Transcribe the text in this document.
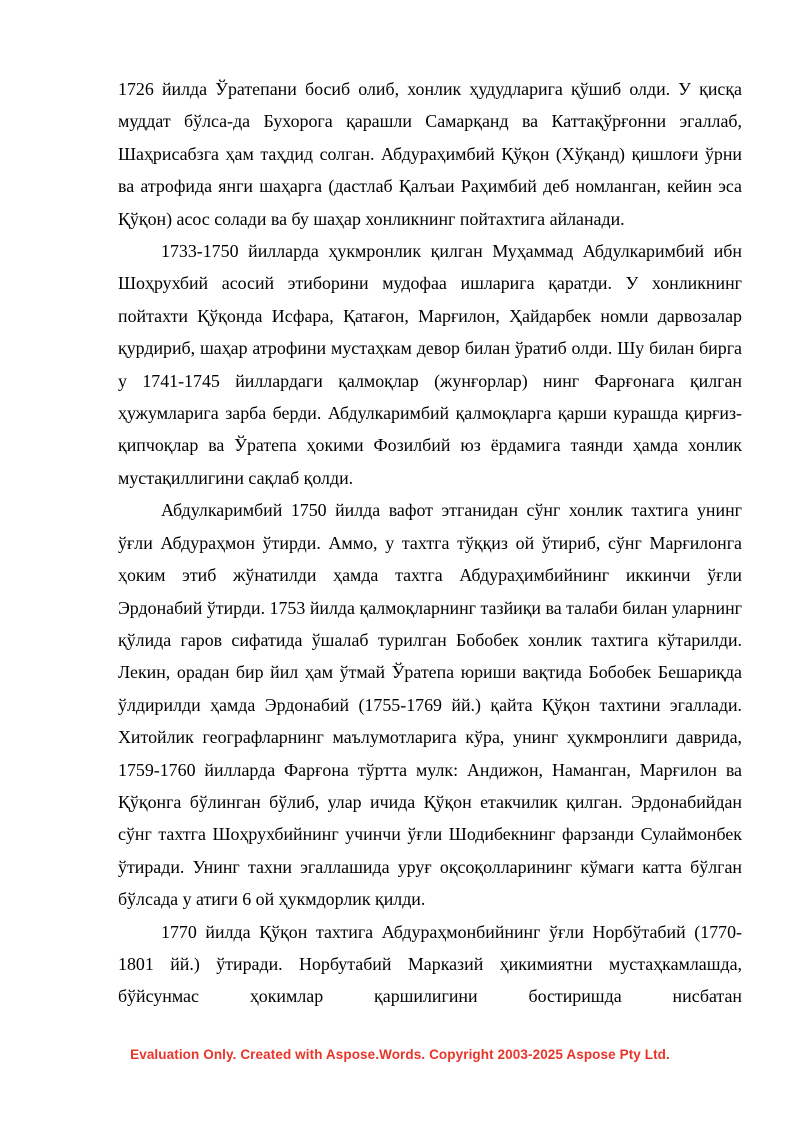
1726 йилда Ўратепани босиб олиб, хонлик ҳудудларига қўшиб олди. У қисқа муддат бўлса-да Бухорога қарашли Самарқанд ва Каттақўрғонни эгаллаб, Шаҳрисабзга ҳам таҳдид солган. Абдураҳимбий Қўқон (Хўқанд) қишлоғи ўрни ва атрофида янги шаҳарга (дастлаб Қалъаи Раҳимбий деб номланган, кейин эса Қўқон) асос солади ва бу шаҳар хонликнинг пойтахтига айланади.

1733-1750 йилларда ҳукмронлик қилган Муҳаммад Абдулкаримбий ибн Шоҳрухбий асосий этиборини мудофаа ишларига қаратди. У хонликнинг пойтахти Қўқонда Исфара, Қатағон, Марғилон, Ҳайдарбек номли дарвозалар қурдириб, шаҳар атрофини мустаҳкам девор билан ўратиб олди. Шу билан бирга у 1741-1745 йиллардаги қалмоқлар (жунғорлар) нинг Фарғонага қилган ҳужумларига зарба берди. Абдулкаримбий қалмоқларга қарши курашда қирғиз-қипчоқлар ва Ўратепа ҳокими Фозилбий юз ёрдамига таянди ҳамда хонлик мустақиллигини сақлаб қолди.

Абдулкаримбий 1750 йилда вафот этганидан сўнг хонлик тахтига унинг ўғли Абдураҳмон ўтирди. Аммо, у тахтга тўққиз ой ўтириб, сўнг Марғилонга ҳоким этиб жўнатилди ҳамда тахтга Абдураҳимбийнинг иккинчи ўғли Эрдонабий ўтирди. 1753 йилда қалмоқларнинг тазйиқи ва талаби билан уларнинг қўлида гаров сифатида ўшалаб турилган Бобобек хонлик тахтига кўтарилди. Лекин, орадан бир йил ҳам ўтмай Ўратепа юриши вақтида Бобобек Бешариқда ўлдирилди ҳамда Эрдонабий (1755-1769 йй.) қайта Қўқон тахтини эгаллади. Хитойлик географларнинг маълумотларига кўра, унинг ҳукмронлиги даврида, 1759-1760 йилларда Фарғона тўртта мулк: Андижон, Наманган, Марғилон ва Қўқонга бўлинган бўлиб, улар ичида Қўқон етакчилик қилган. Эрдонабийдан сўнг тахтга Шоҳрухбийнинг учинчи ўғли Шодибекнинг фарзанди Сулаймонбек ўтиради. Унинг тахни эгаллашида уруғ оқсоқолларининг кўмаги катта бўлган бўлсада у атиги 6 ой ҳукмдорлик қилди.

1770 йилда Қўқон тахтига Абдураҳмонбийнинг ўғли Норбўтабий (1770-1801 йй.) ўтиради. Норбутабий Марказий ҳикимиятни мустаҳкамлашда, бўйсунмас ҳокимлар қаршилигини бостиришда нисбатан

Evaluation Only. Created with Aspose.Words. Copyright 2003-2025 Aspose Pty Ltd.
